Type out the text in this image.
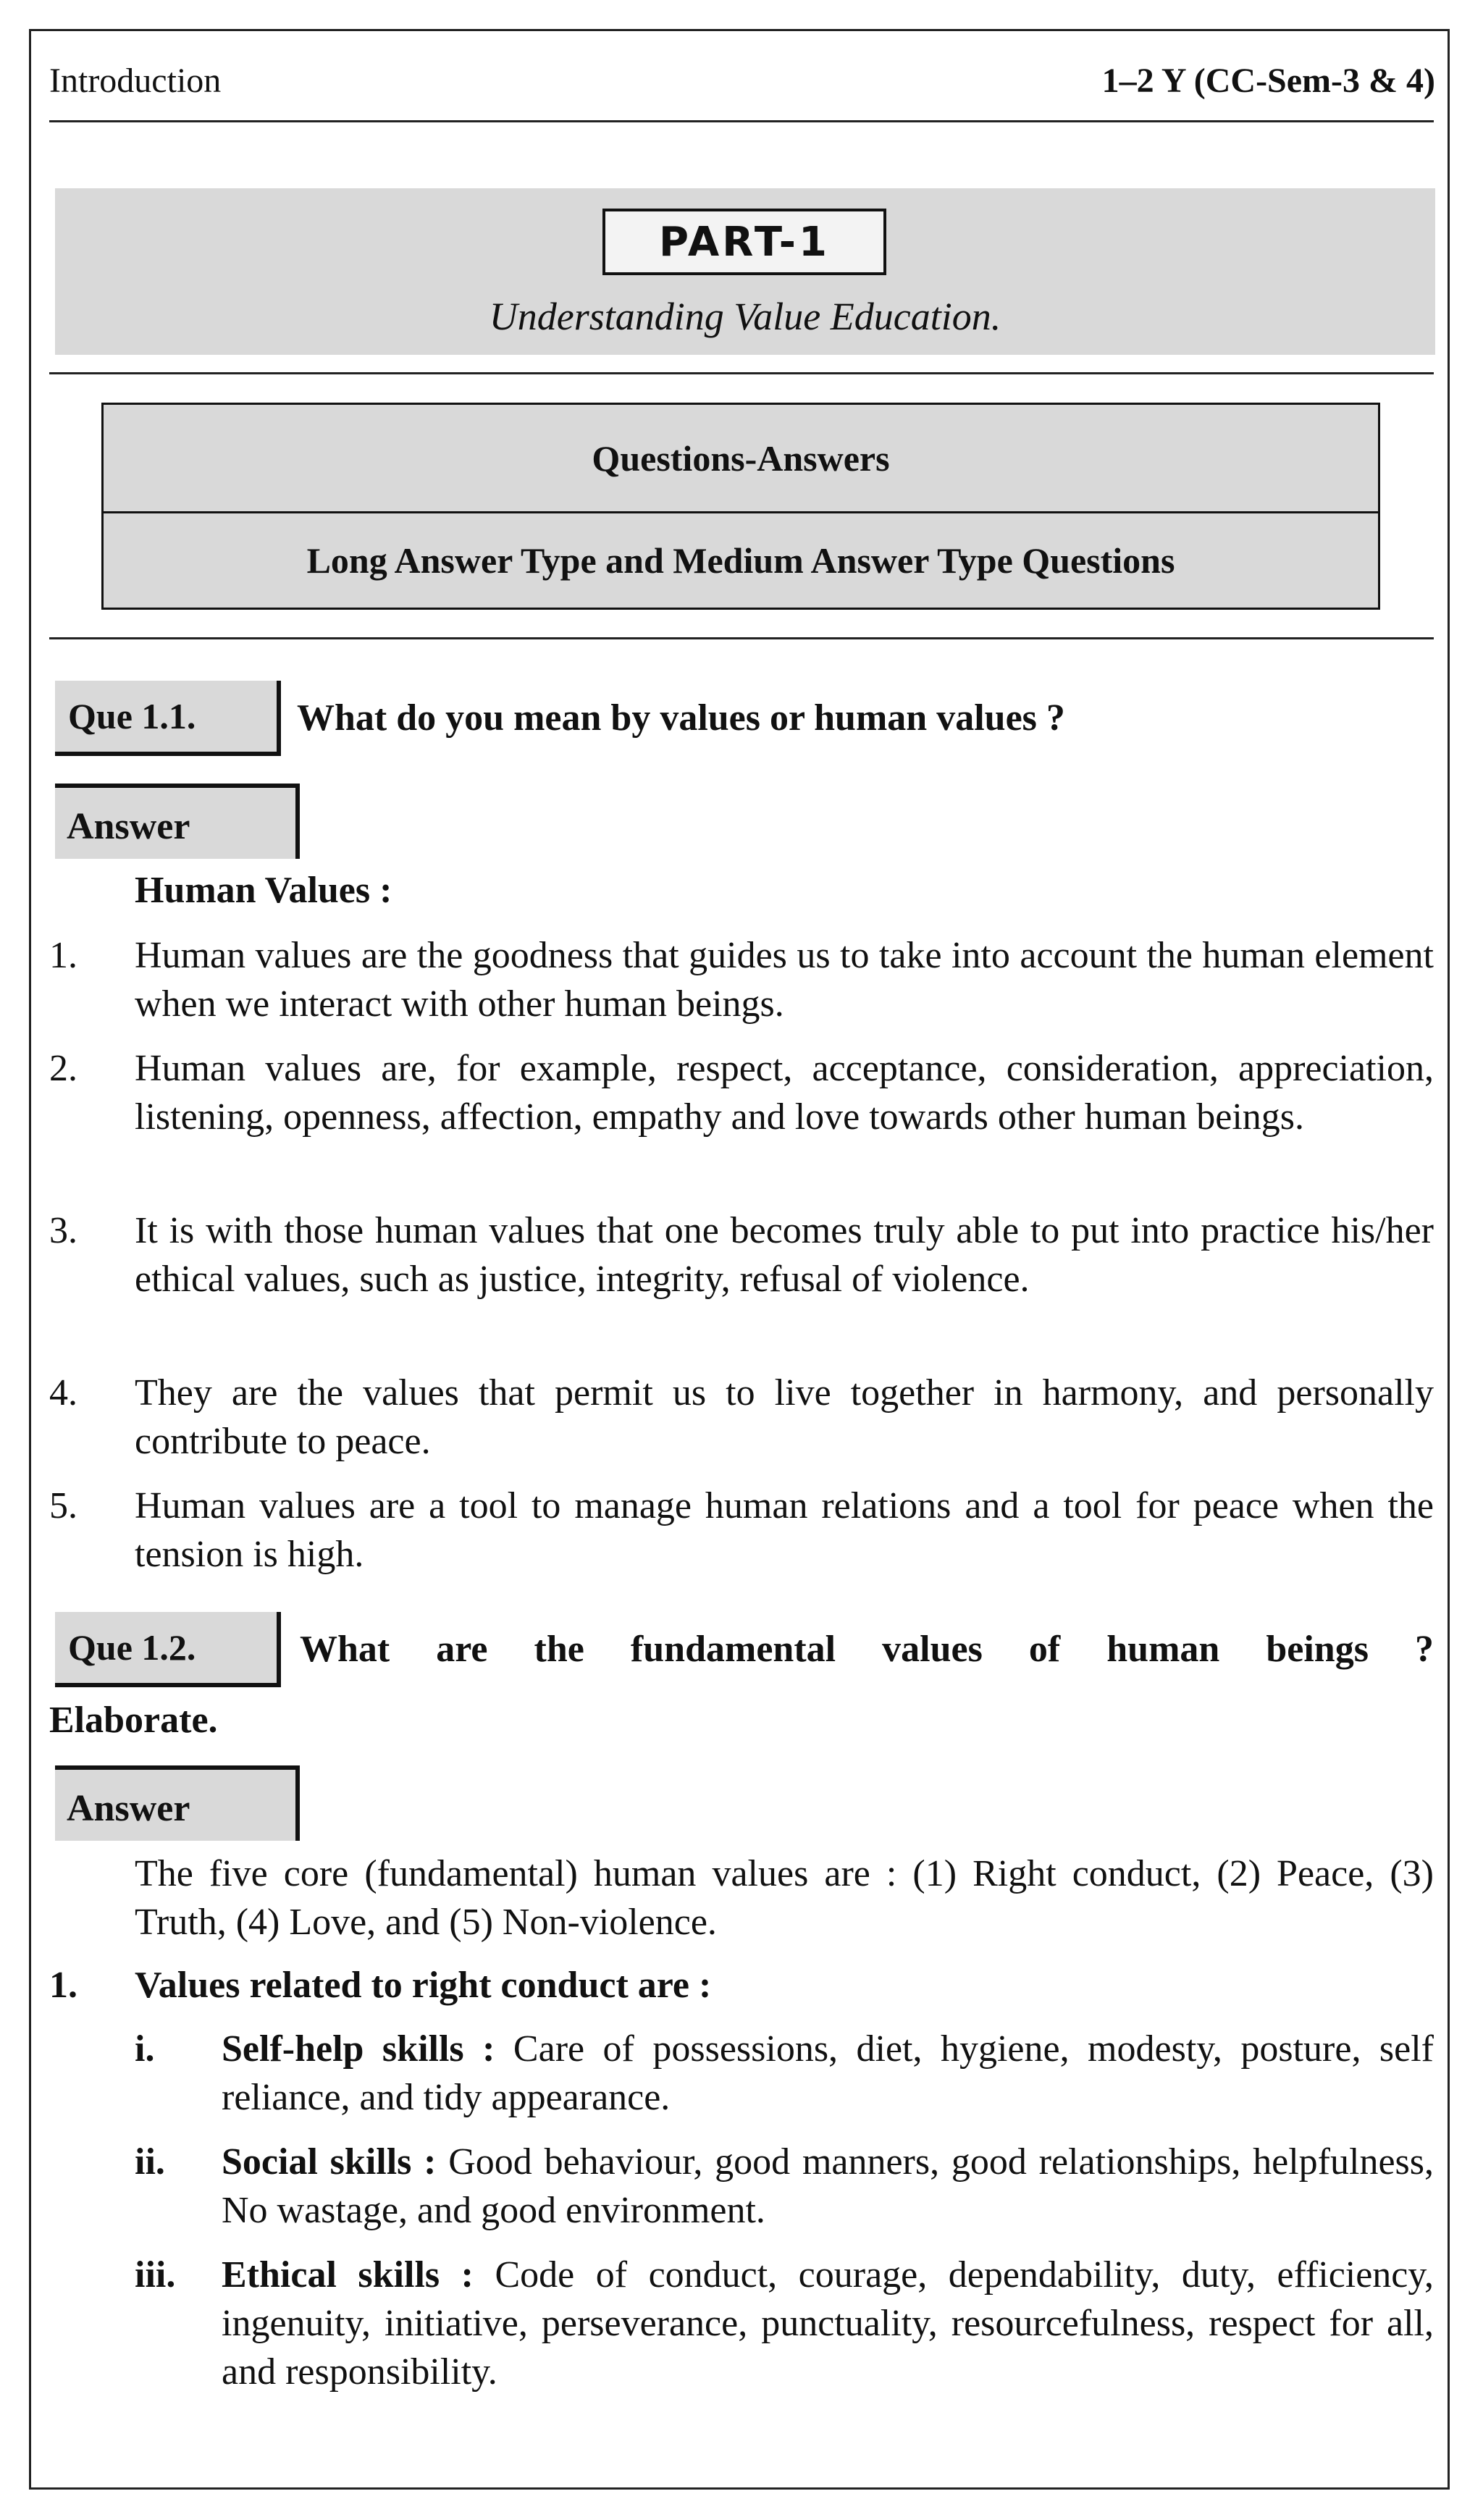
Introduction	1–2 Y (CC-Sem-3 & 4)
PART-1
Understanding Value Education.
Questions-Answers
Long Answer Type and Medium Answer Type Questions
Que 1.1.	What do you mean by values or human values ?
Answer
Human Values :
1. Human values are the goodness that guides us to take into account the human element when we interact with other human beings.
2. Human values are, for example, respect, acceptance, consideration, appreciation, listening, openness, affection, empathy and love towards other human beings.
3. It is with those human values that one becomes truly able to put into practice his/her ethical values, such as justice, integrity, refusal of violence.
4. They are the values that permit us to live together in harmony, and personally contribute to peace.
5. Human values are a tool to manage human relations and a tool for peace when the tension is high.
Que 1.2.	What are the fundamental values of human beings ?
Elaborate.
Answer
The five core (fundamental) human values are : (1) Right conduct, (2) Peace, (3) Truth, (4) Love, and (5) Non-violence.
1. Values related to right conduct are :
i. Self-help skills : Care of possessions, diet, hygiene, modesty, posture, self reliance, and tidy appearance.
ii. Social skills : Good behaviour, good manners, good relationships, helpfulness, No wastage, and good environment.
iii. Ethical skills : Code of conduct, courage, dependability, duty, efficiency, ingenuity, initiative, perseverance, punctuality, resourcefulness, respect for all, and responsibility.
